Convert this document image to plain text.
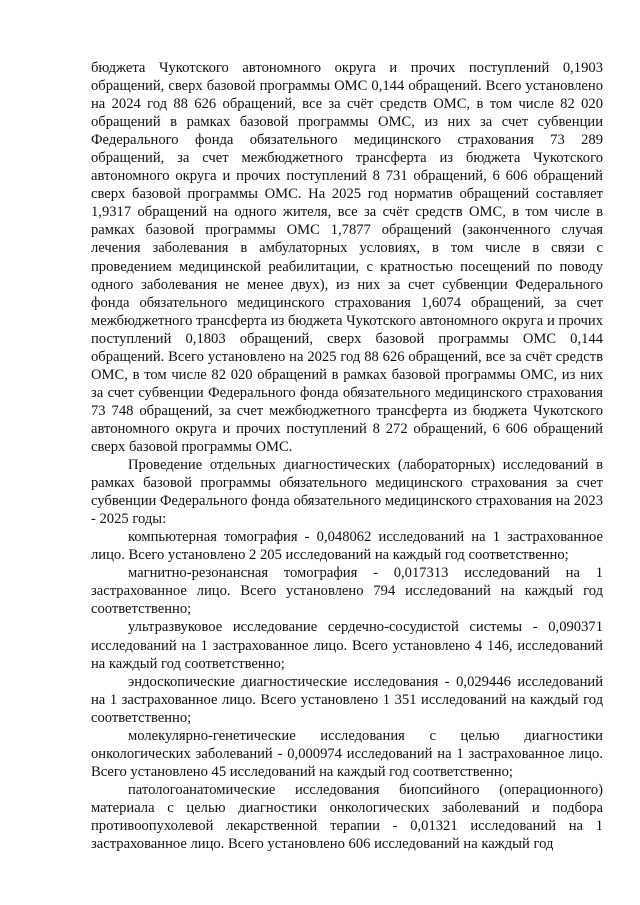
бюджета Чукотского автономного округа и прочих поступлений 0,1903 обращений, сверх базовой программы ОМС 0,144 обращений. Всего установлено на 2024 год 88 626 обращений, все за счёт средств ОМС, в том числе 82 020 обращений в рамках базовой программы ОМС, из них за счет субвенции Федерального фонда обязательного медицинского страхования 73 289 обращений, за счет межбюджетного трансферта из бюджета Чукотского автономного округа и прочих поступлений 8 731 обращений, 6 606 обращений сверх базовой программы ОМС. На 2025 год норматив обращений составляет 1,9317 обращений на одного жителя, все за счёт средств ОМС, в том числе в рамках базовой программы ОМС 1,7877 обращений (законченного случая лечения заболевания в амбулаторных условиях, в том числе в связи с проведением медицинской реабилитации, с кратностью посещений по поводу одного заболевания не менее двух), из них за счет субвенции Федерального фонда обязательного медицинского страхования 1,6074 обращений, за счет межбюджетного трансферта из бюджета Чукотского автономного округа и прочих поступлений 0,1803 обращений, сверх базовой программы ОМС 0,144 обращений. Всего установлено на 2025 год 88 626 обращений, все за счёт средств ОМС, в том числе 82 020 обращений в рамках базовой программы ОМС, из них за счет субвенции Федерального фонда обязательного медицинского страхования 73 748 обращений, за счет межбюджетного трансферта из бюджета Чукотского автономного округа и прочих поступлений 8 272 обращений, 6 606 обращений сверх базовой программы ОМС.

Проведение отдельных диагностических (лабораторных) исследований в рамках базовой программы обязательного медицинского страхования за счет субвенции Федерального фонда обязательного медицинского страхования на 2023 - 2025 годы:

компьютерная томография - 0,048062 исследований на 1 застрахованное лицо. Всего установлено 2 205 исследований на каждый год соответственно;

магнитно-резонансная томография - 0,017313 исследований на 1 застрахованное лицо. Всего установлено 794 исследований на каждый год соответственно;

ультразвуковое исследование сердечно-сосудистой системы - 0,090371 исследований на 1 застрахованное лицо. Всего установлено 4 146, исследований на каждый год соответственно;

эндоскопические диагностические исследования - 0,029446 исследований на 1 застрахованное лицо. Всего установлено 1 351 исследований на каждый год соответственно;

молекулярно-генетические исследования с целью диагностики онкологических заболеваний - 0,000974 исследований на 1 застрахованное лицо. Всего установлено 45 исследований на каждый год соответственно;

патологоанатомические исследования биопсийного (операционного) материала с целью диагностики онкологических заболеваний и подбора противоопухолевой лекарственной терапии - 0,01321 исследований на 1 застрахованное лицо. Всего установлено 606 исследований на каждый год
